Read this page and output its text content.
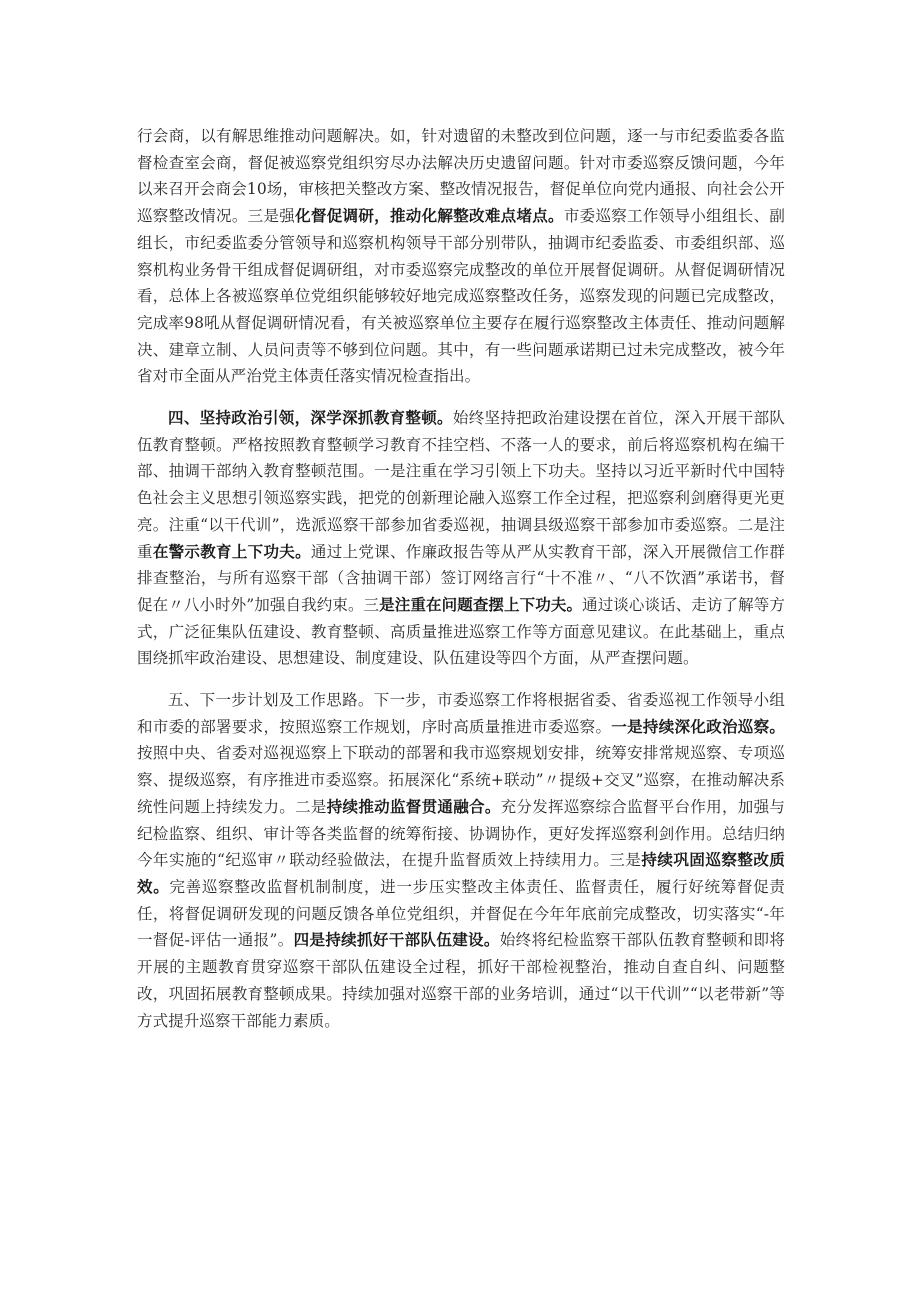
行会商，以有解思维推动问题解决。如，针对遗留的未整改到位问题，逐一与市纪委监委各监督检查室会商，督促被巡察党组织穷尽办法解决历史遗留问题。针对市委巡察反馈问题，今年以来召开会商会10场，审核把关整改方案、整改情况报告，督促单位向党内通报、向社会公开巡察整改情况。三是强化督促调研，推动化解整改难点堵点。市委巡察工作领导小组组长、副组长，市纪委监委分管领导和巡察机构领导干部分别带队，抽调市纪委监委、市委组织部、巡察机构业务骨干组成督促调研组，对市委巡察完成整改的单位开展督促调研。从督促调研情况看，总体上各被巡察单位党组织能够较好地完成巡察整改任务，巡察发现的问题已完成整改，完成率98吼从督促调研情况看，有关被巡察单位主要存在履行巡察整改主体责任、推动问题解决、建章立制、人员问责等不够到位问题。其中，有一些问题承诺期已过未完成整改，被今年省对市全面从严治党主体责任落实情况检查指出。

四、坚持政治引领，深学深抓教育整顿。始终坚持把政治建设摆在首位，深入开展干部队伍教育整顿。严格按照教育整顿学习教育不挂空档、不落一人的要求，前后将巡察机构在编干部、抽调干部纳入教育整顿范围。一是注重在学习引领上下功夫。坚持以习近平新时代中国特色社会主义思想引领巡察实践，把党的创新理论融入巡察工作全过程，把巡察利剑磨得更光更亮。注重“以干代训”，选派巡察干部参加省委巡视，抽调县级巡察干部参加市委巡察。二是注重在警示教育上下功夫。通过上党课、作廉政报告等从严从实教育干部，深入开展微信工作群排查整治，与所有巡察干部（含抽调干部）签订网络言行“十不准〃、“八不饮酒”承诺书，督促在〃八小时外”加强自我约束。三是注重在问题查摆上下功夫。通过谈心谈话、走访了解等方式，广泛征集队伍建设、教育整顿、高质量推进巡察工作等方面意见建议。在此基础上，重点围绕抓牢政治建设、思想建设、制度建设、队伍建设等四个方面，从严查摆问题。

五、下一步计划及工作思路。下一步，市委巡察工作将根据省委、省委巡视工作领导小组和市委的部署要求，按照巡察工作规划，序时高质量推进市委巡察。一是持续深化政治巡察。按照中央、省委对巡视巡察上下联动的部署和我市巡察规划安排，统筹安排常规巡察、专项巡察、提级巡察，有序推进市委巡察。拓展深化“系统+联动”〃提级+交叉”巡察，在推动解决系统性问题上持续发力。二是持续推动监督贯通融合。充分发挥巡察综合监督平台作用，加强与纪检监察、组织、审计等各类监督的统筹衔接、协调协作，更好发挥巡察利剑作用。总结归纳今年实施的“纪巡审〃联动经验做法，在提升监督质效上持续用力。三是持续巩固巡察整改质效。完善巡察整改监督机制制度，进一步压实整改主体责任、监督责任，履行好统筹督促责任，将督促调研发现的问题反馈各单位党组织，并督促在今年年底前完成整改，切实落实“-年一督促-评估一通报”。四是持续抓好干部队伍建设。始终将纪检监察干部队伍教育整顿和即将开展的主题教育贯穿巡察干部队伍建设全过程，抓好干部检视整治，推动自查自纠、问题整改，巩固拓展教育整顿成果。持续加强对巡察干部的业务培训，通过“以干代训”“以老带新”等方式提升巡察干部能力素质。
